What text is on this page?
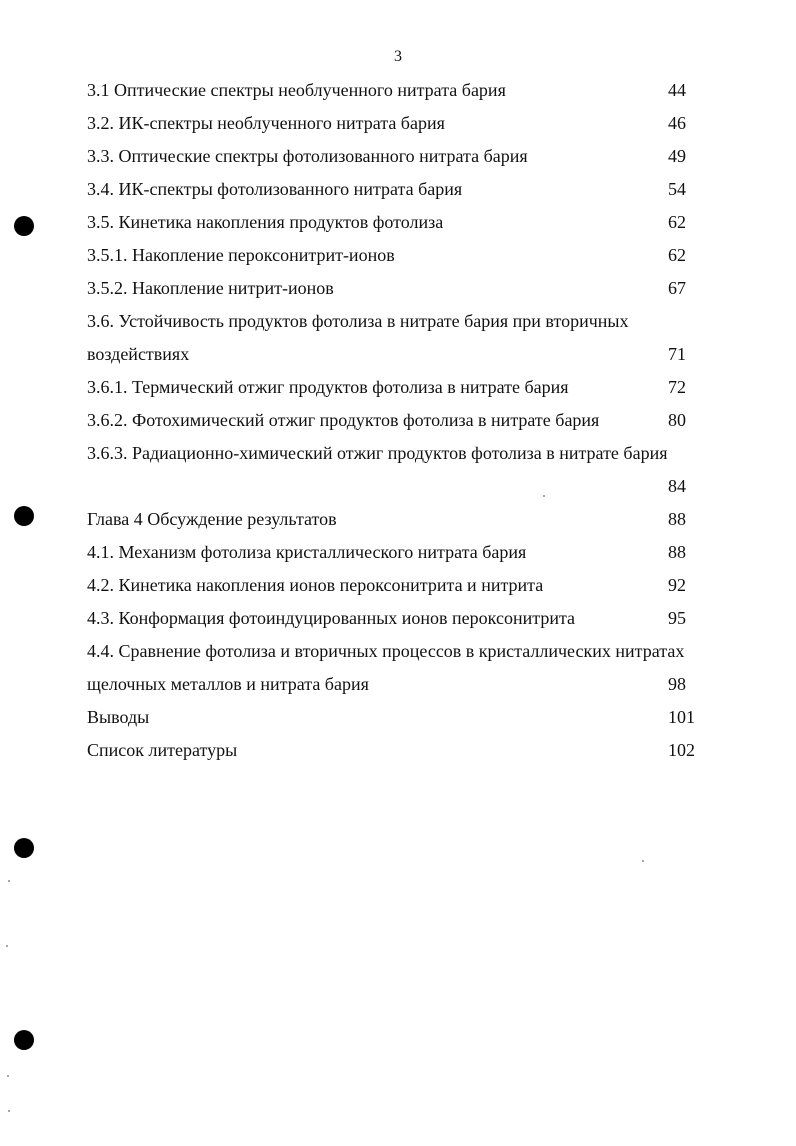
3
3.1 Оптические спектры необлученного нитрата бария	44
3.2. ИК-спектры необлученного нитрата бария	46
3.3. Оптические спектры фотолизованного нитрата бария	49
3.4. ИК-спектры фотолизованного нитрата бария	54
3.5. Кинетика накопления продуктов фотолиза	62
3.5.1. Накопление пероксонитрит-ионов	62
3.5.2. Накопление нитрит-ионов	67
3.6. Устойчивость продуктов фотолиза в нитрате бария при вторичных
воздействиях	71
3.6.1. Термический отжиг продуктов фотолиза в нитрате бария	72
3.6.2. Фотохимический отжиг продуктов фотолиза в нитрате бария	80
3.6.3. Радиационно-химический отжиг продуктов фотолиза в нитрате бария
84
Глава 4 Обсуждение результатов	88
4.1. Механизм фотолиза кристаллического нитрата бария	88
4.2. Кинетика накопления ионов пероксонитрита и нитрита	92
4.3. Конформация фотоиндуцированных ионов пероксонитрита	95
4.4. Сравнение фотолиза и вторичных процессов в кристаллических нитратах
щелочных металлов и нитрата бария	98
Выводы	101
Список литературы	102
